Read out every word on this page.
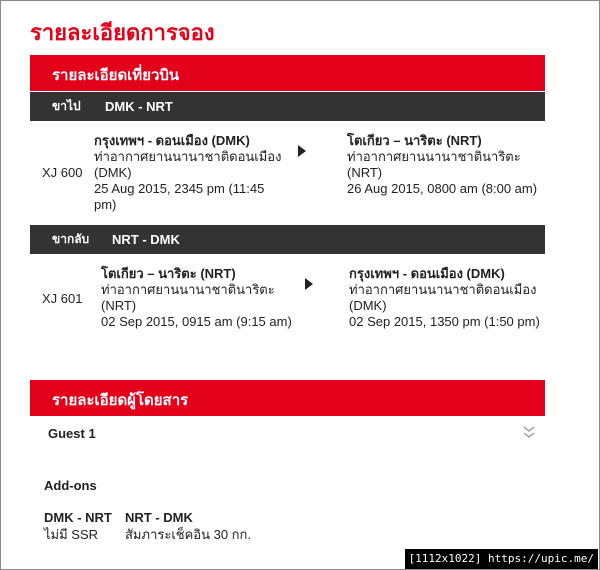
รายละเอียดการจอง
รายละเอียดเที่ยวบิน
ขาไป DMK - NRT
XJ 600
กรุงเทพฯ - ดอนเมือง (DMK)
ท่าอากาศยานนานาชาติดอนเมือง
(DMK)
25 Aug 2015, 2345 pm (11:45
pm)
โตเกียว – นาริตะ (NRT)
ท่าอากาศยานนานาชาตินาริตะ
(NRT)
26 Aug 2015, 0800 am (8:00 am)
ขากลับ NRT - DMK
XJ 601
โตเกียว – นาริตะ (NRT)
ท่าอากาศยานนานาชาตินาริตะ
(NRT)
02 Sep 2015, 0915 am (9:15 am)
กรุงเทพฯ - ดอนเมือง (DMK)
ท่าอากาศยานนานาชาติดอนเมือง
(DMK)
02 Sep 2015, 1350 pm (1:50 pm)
รายละเอียดผู้โดยสาร
Guest 1
Add-ons
DMK - NRT
ไม่มี SSR
NRT - DMK
สัมภาระเช็คอิน 30 กก.
[1112x1022] https://upic.me/
